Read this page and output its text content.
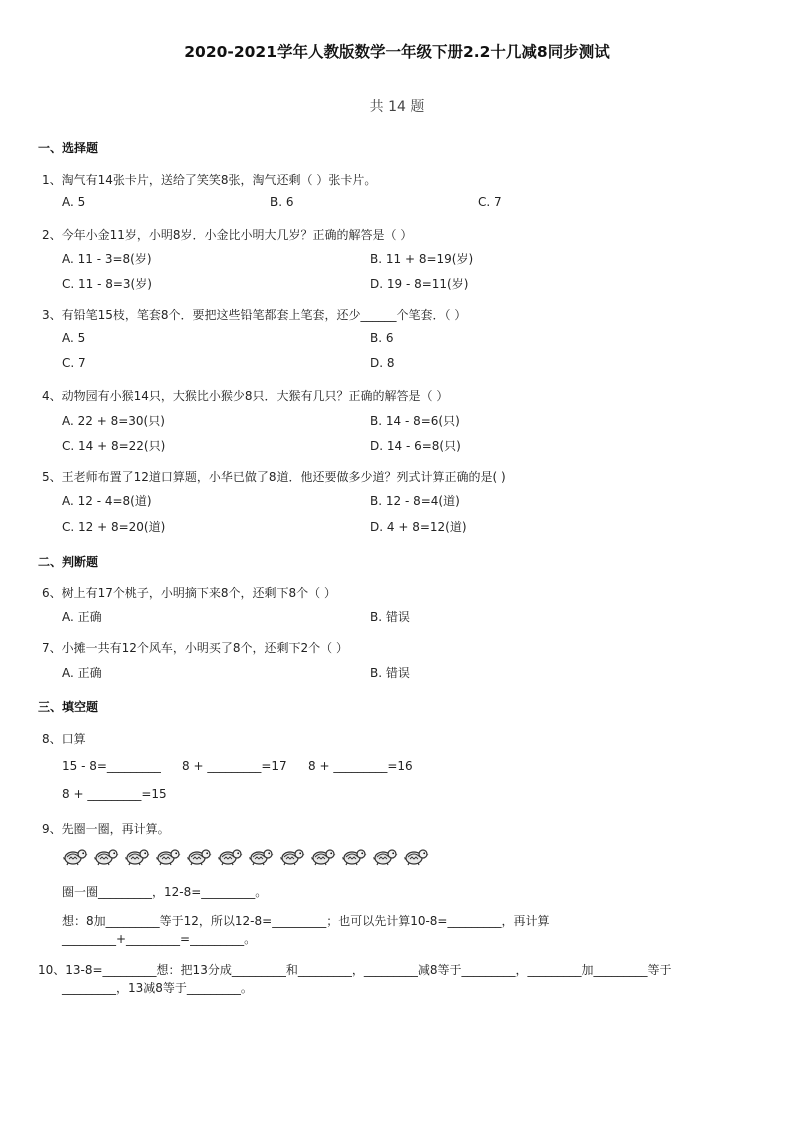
2020-2021学年人教版数学一年级下册2.2十几减8同步测试
共 14 题
一、选择题
1、淘气有14张卡片，送给了笑笑8张，淘气还剩（ ）张卡片。
A. 5	B. 6	C. 7
2、今年小金11岁，小明8岁．小金比小明大几岁？正确的解答是（ ）
A. 11 - 3=8(岁)	B. 11 + 8=19(岁)
C. 11 - 8=3(岁)	D. 19 - 8=11(岁)
3、有铅笔15枝，笔套8个．要把这些铅笔都套上笔套，还少______个笔套．（ ）
A. 5	B. 6
C. 7	D. 8
4、动物园有小猴14只，大猴比小猴少8只．大猴有几只？正确的解答是（ ）
A. 22 + 8=30(只)	B. 14 - 8=6(只)
C. 14 + 8=22(只)	D. 14 - 6=8(只)
5、王老师布置了12道口算题，小华已做了8道．他还要做多少道？列式计算正确的是( )
A. 12 - 4=8(道)	B. 12 - 8=4(道)
C. 12 + 8=20(道)	D. 4 + 8=12(道)
二、判断题
6、树上有17个桃子，小明摘下来8个，还剩下8个（ ）
A. 正确	B. 错误
7、小摊一共有12个风车，小明买了8个，还剩下2个（ ）
A. 正确	B. 错误
三、填空题
8、口算
15 - 8=_________ 8 + _________=17 8 + _________=16
8 + _________=15
9、先圈一圈，再计算。
圈一圈_________，12-8=_________。
想：8加_________等于12，所以12-8=_________；也可以先计算10-8=_________，再计算
_________+_________=_________。
10、13-8=_________想：把13分成_________和_________，_________减8等于_________，_________加_________等于
_________，13减8等于_________。
